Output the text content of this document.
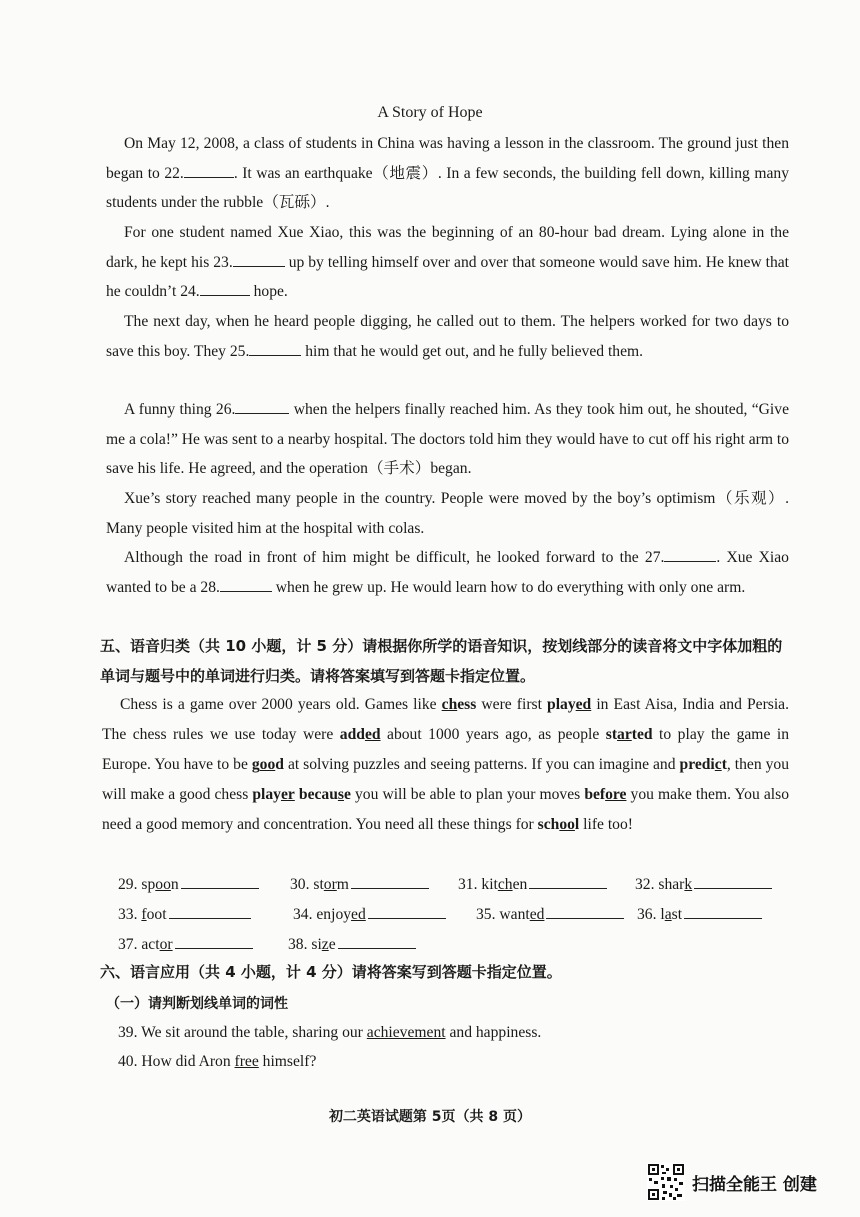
A Story of Hope
On May 12, 2008, a class of students in China was having a lesson in the classroom. The ground just then began to 22.	. It was an earthquake（地震）. In a few seconds, the building fell down, killing many students under the rubble（瓦砾）.
For one student named Xue Xiao, this was the beginning of an 80-hour bad dream. Lying alone in the dark, he kept his 23.	up by telling himself over and over that someone would save him. He knew that he couldn’t 24.	hope.
The next day, when he heard people digging, he called out to them. The helpers worked for two days to save this boy. They 25.	him that he would get out, and he fully believed them.
A funny thing 26.	when the helpers finally reached him. As they took him out, he shouted, “Give me a cola!” He was sent to a nearby hospital. The doctors told him they would have to cut off his right arm to save his life. He agreed, and the operation（手术）began.
Xue’s story reached many people in the country. People were moved by the boy’s optimism（乐观）. Many people visited him at the hospital with colas.
Although the road in front of him might be difficult, he looked forward to the 27.	. Xue Xiao wanted to be a 28.	when he grew up. He would learn how to do everything with only one arm.
五、语音归类（共 10 小题，计 5 分）请根据你所学的语音知识，按划线部分的读音将文中字体加粗的单词与题号中的单词进行归类。请将答案填写到答题卡指定位置。
Chess is a game over 2000 years old. Games like chess were first played in East Aisa, India and Persia. The chess rules we use today were added about 1000 years ago, as people started to play the game in Europe. You have to be good at solving puzzles and seeing patterns. If you can imagine and predict, then you will make a good chess player because you will be able to plan your moves before you make them. You also need a good memory and concentration. You need all these things for school life too!
29. spoon	30. storm	31. kitchen	32. shark
33. foot	34. enjoyed	35. wanted	36. last
37. actor	38. size
六、语言应用（共 4 小题，计 4 分）请将答案写到答题卡指定位置。
（一）请判断划线单词的词性
39. We sit around the table, sharing our achievement and happiness.
40. How did Aron free himself?
初二英语试题第 5页（共 8 页）
扫描全能王 创建
